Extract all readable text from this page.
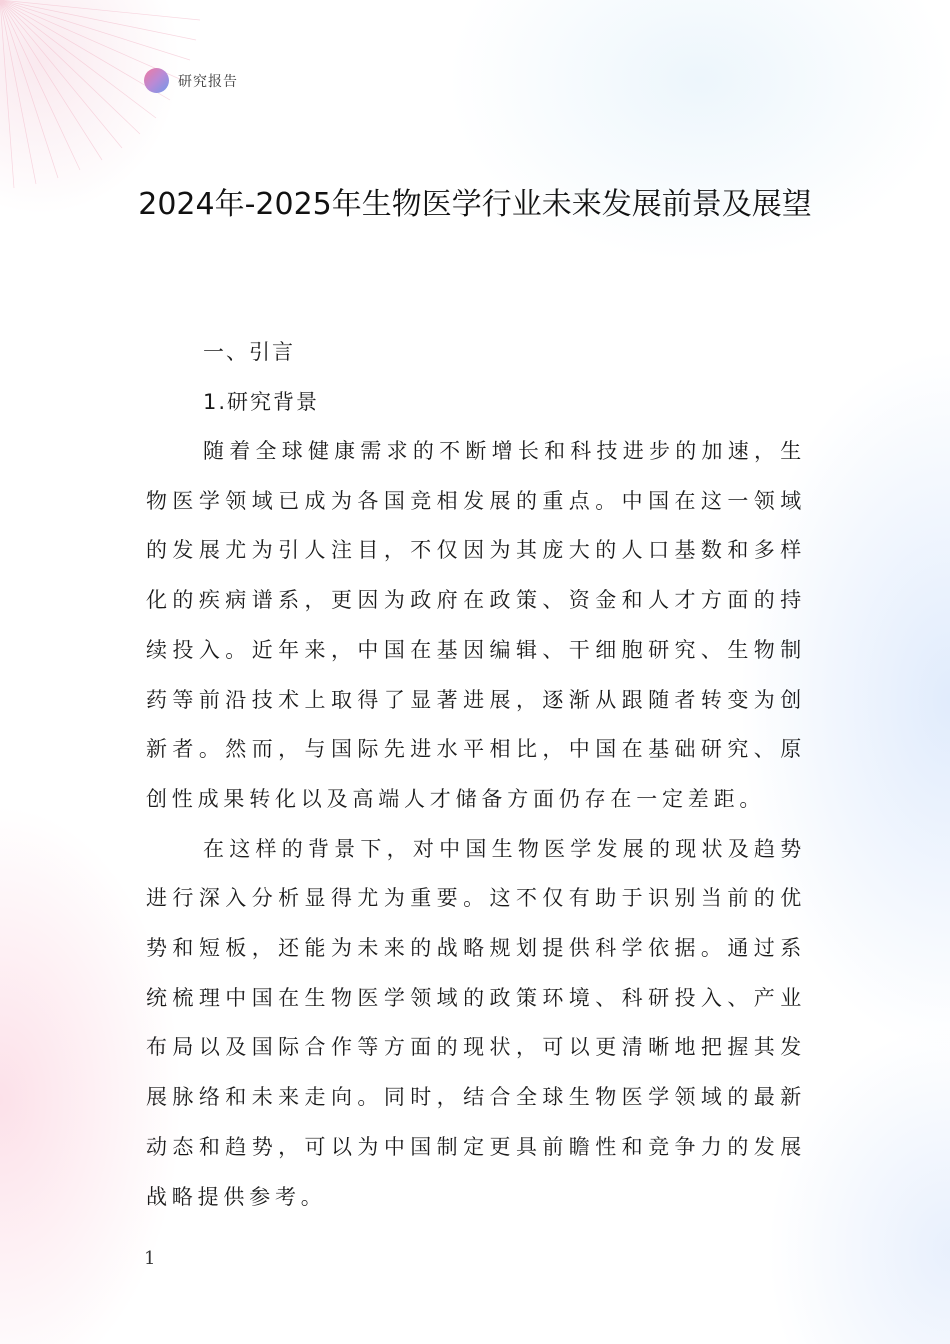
研究报告
2024年-2025年生物医学行业未来发展前景及展望
一、引言
1.研究背景

随着全球健康需求的不断增长和科技进步的加速，生物医学领域已成为各国竞相发展的重点。中国在这一领域的发展尤为引人注目，不仅因为其庞大的人口基数和多样化的疾病谱系，更因为政府在政策、资金和人才方面的持续投入。近年来，中国在基因编辑、干细胞研究、生物制药等前沿技术上取得了显著进展，逐渐从跟随者转变为创新者。然而，与国际先进水平相比，中国在基础研究、原创性成果转化以及高端人才储备方面仍存在一定差距。

在这样的背景下，对中国生物医学发展的现状及趋势进行深入分析显得尤为重要。这不仅有助于识别当前的优势和短板，还能为未来的战略规划提供科学依据。通过系统梳理中国在生物医学领域的政策环境、科研投入、产业布局以及国际合作等方面的现状，可以更清晰地把握其发展脉络和未来走向。同时，结合全球生物医学领域的最新动态和趋势，可以为中国制定更具前瞻性和竞争力的发展战略提供参考。

1
